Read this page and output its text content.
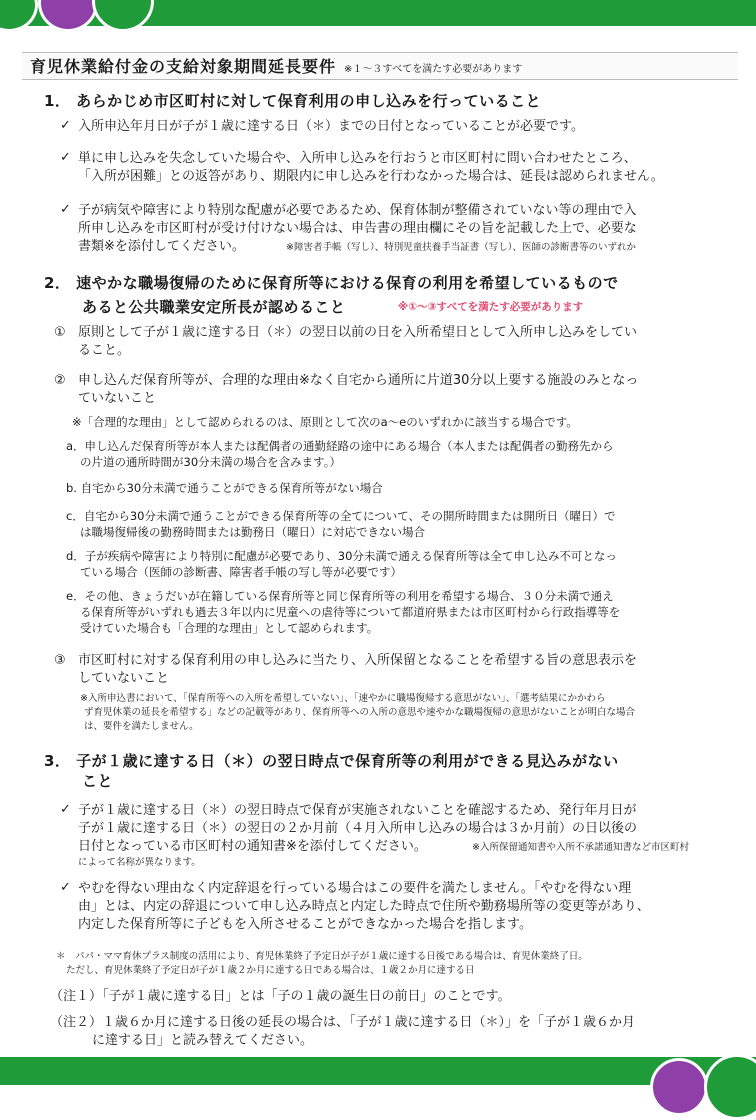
育児休業給付金の支給対象期間延長要件 ※１～３すべてを満たす必要があります
1． あらかじめ市区町村に対して保育利用の申し込みを行っていること
✓ 入所申込年月日が子が１歳に達する日（＊）までの日付となっていることが必要です。
✓ 単に申し込みを失念していた場合や、入所申し込みを行おうと市区町村に問い合わせたところ、
「入所が困難」との返答があり、期限内に申し込みを行わなかった場合は、延長は認められません。
✓ 子が病気や障害により特別な配慮が必要であるため、保育体制が整備されていない等の理由で入
所申し込みを市区町村が受け付けない場合は、申告書の理由欄にその旨を記載した上で、必要な
書類※を添付してください。	※障害者手帳（写し）、特別児童扶養手当証書（写し）、医師の診断書等のいずれか
2． 速やかな職場復帰のために保育所等における保育の利用を希望しているもので
あると公共職業安定所長が認めること	※①～③すべてを満たす必要があります
① 原則として子が１歳に達する日（＊）の翌日以前の日を入所希望日として入所申し込みをしてい
ること。
② 申し込んだ保育所等が、合理的な理由※なく自宅から通所に片道30分以上要する施設のみとなっ
ていないこと
※「合理的な理由」として認められるのは、原則として次のa～eのいずれかに該当する場合です。
a．申し込んだ保育所等が本人または配偶者の通勤経路の途中にある場合（本人または配偶者の勤務先から
の片道の通所時間が30分未満の場合を含みます。）
b. 自宅から30分未満で通うことができる保育所等がない場合
c．自宅から30分未満で通うことができる保育所等の全てについて、その開所時間または開所日（曜日）で
は職場復帰後の勤務時間または勤務日（曜日）に対応できない場合
d．子が疾病や障害により特別に配慮が必要であり、30分未満で通える保育所等は全て申し込み不可となっ
ている場合（医師の診断書、障害者手帳の写し等が必要です）
e．その他、きょうだいが在籍している保育所等と同じ保育所等の利用を希望する場合、３０分未満で通え
る保育所等がいずれも過去３年以内に児童への虐待等について都道府県または市区町村から行政指導等を
受けていた場合も「合理的な理由」として認められます。
③ 市区町村に対する保育利用の申し込みに当たり、入所保留となることを希望する旨の意思表示を
していないこと
※入所申込書において、「保育所等への入所を希望していない」、「速やかに職場復帰する意思がない」、「選考結果にかかわら
ず育児休業の延長を希望する」などの記載等があり、保育所等への入所の意思や速やかな職場復帰の意思がないことが明白な場合
は、要件を満たしません。
3． 子が１歳に達する日（＊）の翌日時点で保育所等の利用ができる見込みがない
こと
✓ 子が１歳に達する日（＊）の翌日時点で保育が実施されないことを確認するため、発行年月日が
子が１歳に達する日（＊）の翌日の２か月前（４月入所申し込みの場合は３か月前）の日以後の
日付となっている市区町村の通知書※を添付してください。	※入所保留通知書や入所不承諾通知書など市区町村
によって名称が異なります。
✓ やむを得ない理由なく内定辞退を行っている場合はこの要件を満たしません。「やむを得ない理
由」とは、内定の辞退について申し込み時点と内定した時点で住所や勤務場所等の変更等があり、
内定した保育所等に子どもを入所させることができなかった場合を指します。
＊　パパ・ママ育休プラス制度の活用により、育児休業終了予定日が子が１歳に達する日後である場合は、育児休業終了日。
ただし、育児休業終了予定日が子が１歳２か月に達する日である場合は、１歳２か月に達する日
（注１）「子が１歳に達する日」とは「子の１歳の誕生日の前日」のことです。
（注２）１歳６か月に達する日後の延長の場合は、「子が１歳に達する日（＊）」を「子が１歳６か月
に達する日」と読み替えてください。
